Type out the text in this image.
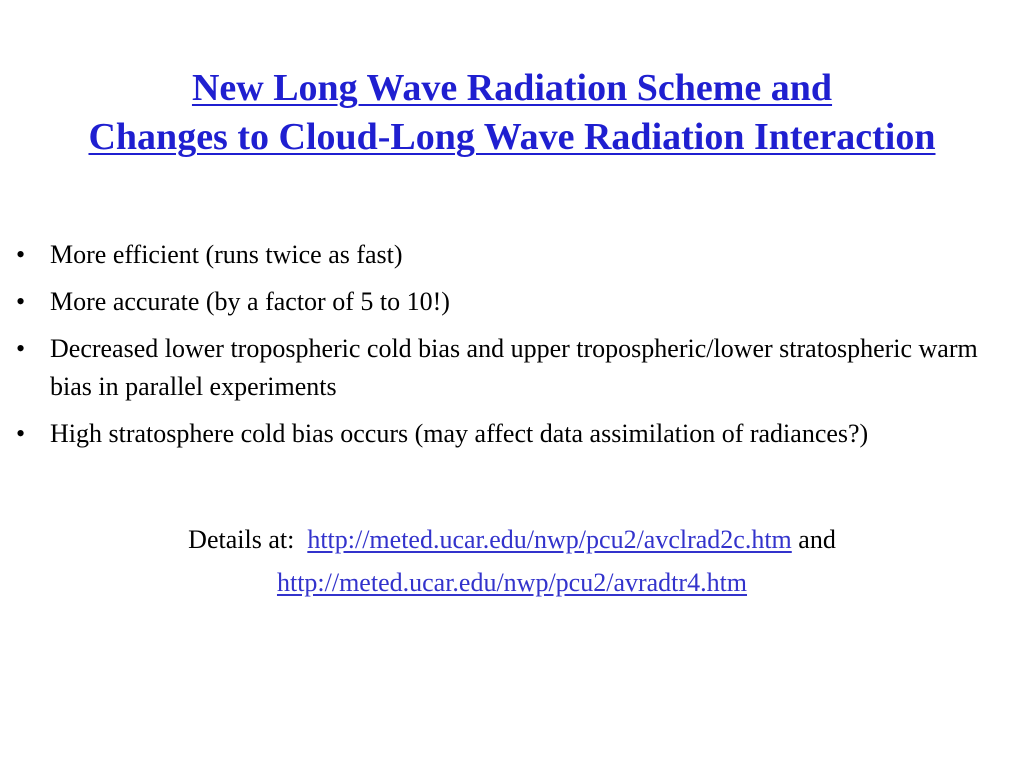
New Long Wave Radiation Scheme and
Changes to Cloud-Long Wave Radiation Interaction
• More efficient (runs twice as fast)
• More accurate (by a factor of 5 to 10!)
• Decreased lower tropospheric cold bias and upper tropospheric/lower stratospheric warm bias in parallel experiments
• High stratosphere cold bias occurs (may affect data assimilation of radiances?)
Details at: http://meted.ucar.edu/nwp/pcu2/avclrad2c.htm and
http://meted.ucar.edu/nwp/pcu2/avradtr4.htm
